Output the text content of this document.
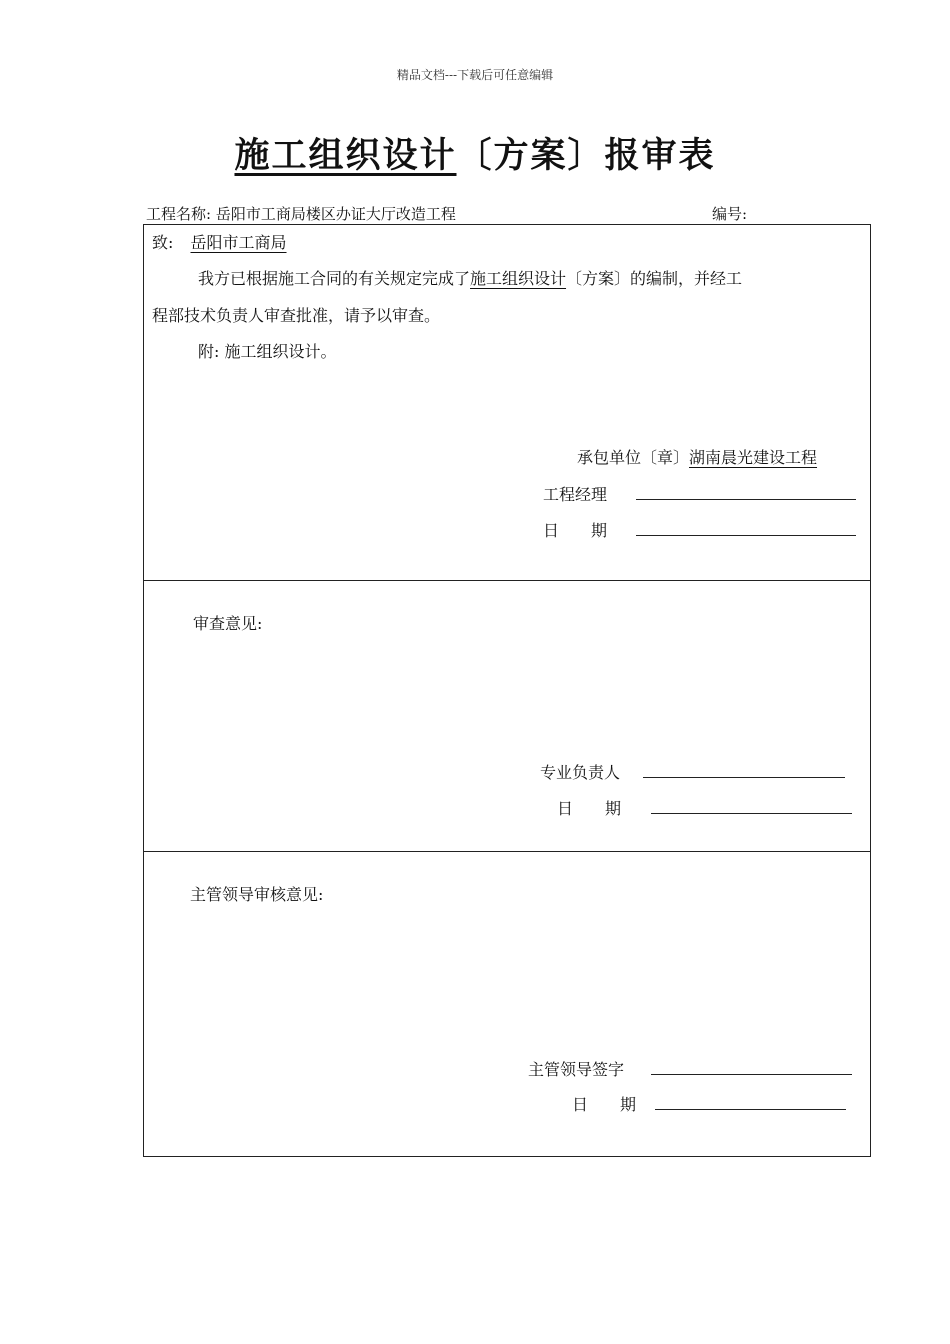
精品文档---下载后可任意编辑
施工组织设计〔方案〕报审表
工程名称: 岳阳市工商局楼区办证大厅改造工程	编号:
致: 岳阳市工商局
我方已根据施工合同的有关规定完成了施工组织设计〔方案〕的编制，并经工
程部技术负责人审查批准，请予以审查。
附: 施工组织设计。
承包单位〔章〕湖南晨光建设工程
工程经理
日　　期
审查意见:
专业负责人
日　　期
主管领导审核意见:
主管领导签字
日　　期
